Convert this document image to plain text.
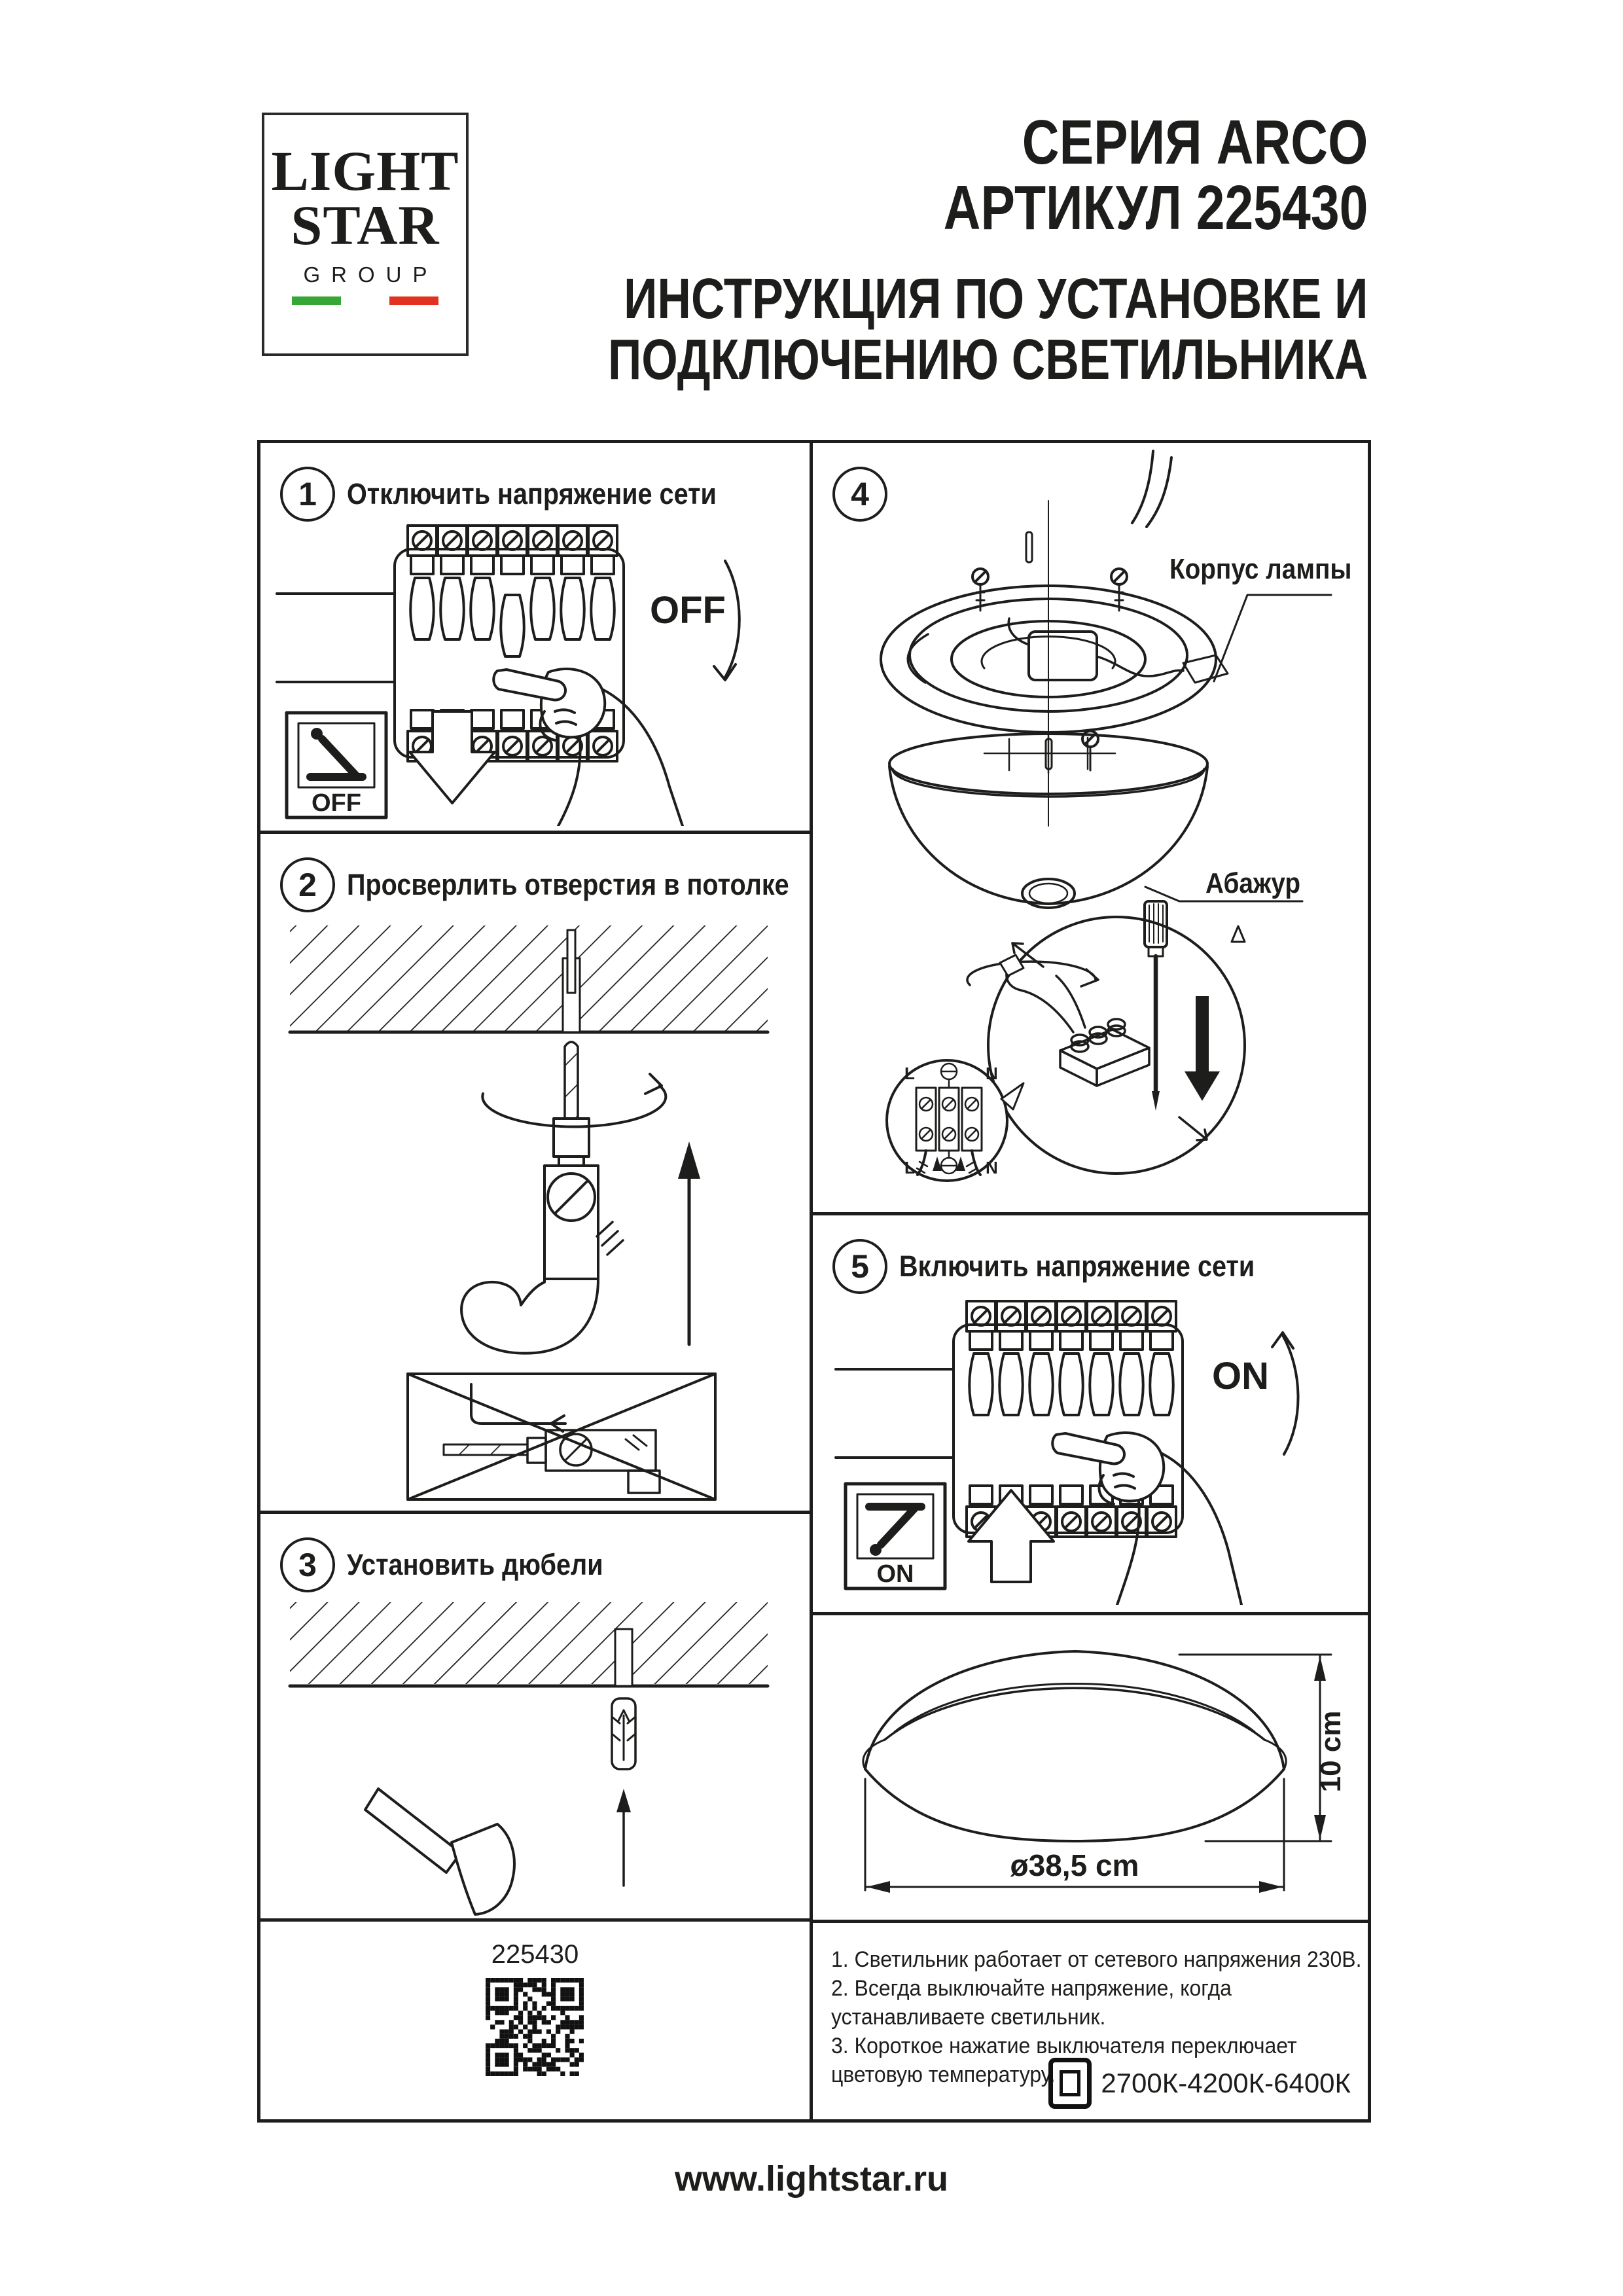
LIGHT
STAR
GROUP
СЕРИЯ ARCO
АРТИКУЛ 225430
ИНСТРУКЦИЯ ПО УСТАНОВКЕ И
ПОДКЛЮЧЕНИЮ СВЕТИЛЬНИКА
1 Отключить напряжение сети
OFF
OFF
2 Просверлить отверстия в потолке
3 Установить дюбели
225430
4
Корпус лампы
Абажур
L	N
L	N
5 Включить напряжение сети
ON
ON
10 cm
ø38,5 cm
1. Светильник работает от сетевого напряжения 230В.
2. Всегда выключайте напряжение, когда
устанавливаете светильник.
3. Короткое нажатие выключателя переключает
цветовую температуру.	2700К-4200К-6400К
www.lightstar.ru
